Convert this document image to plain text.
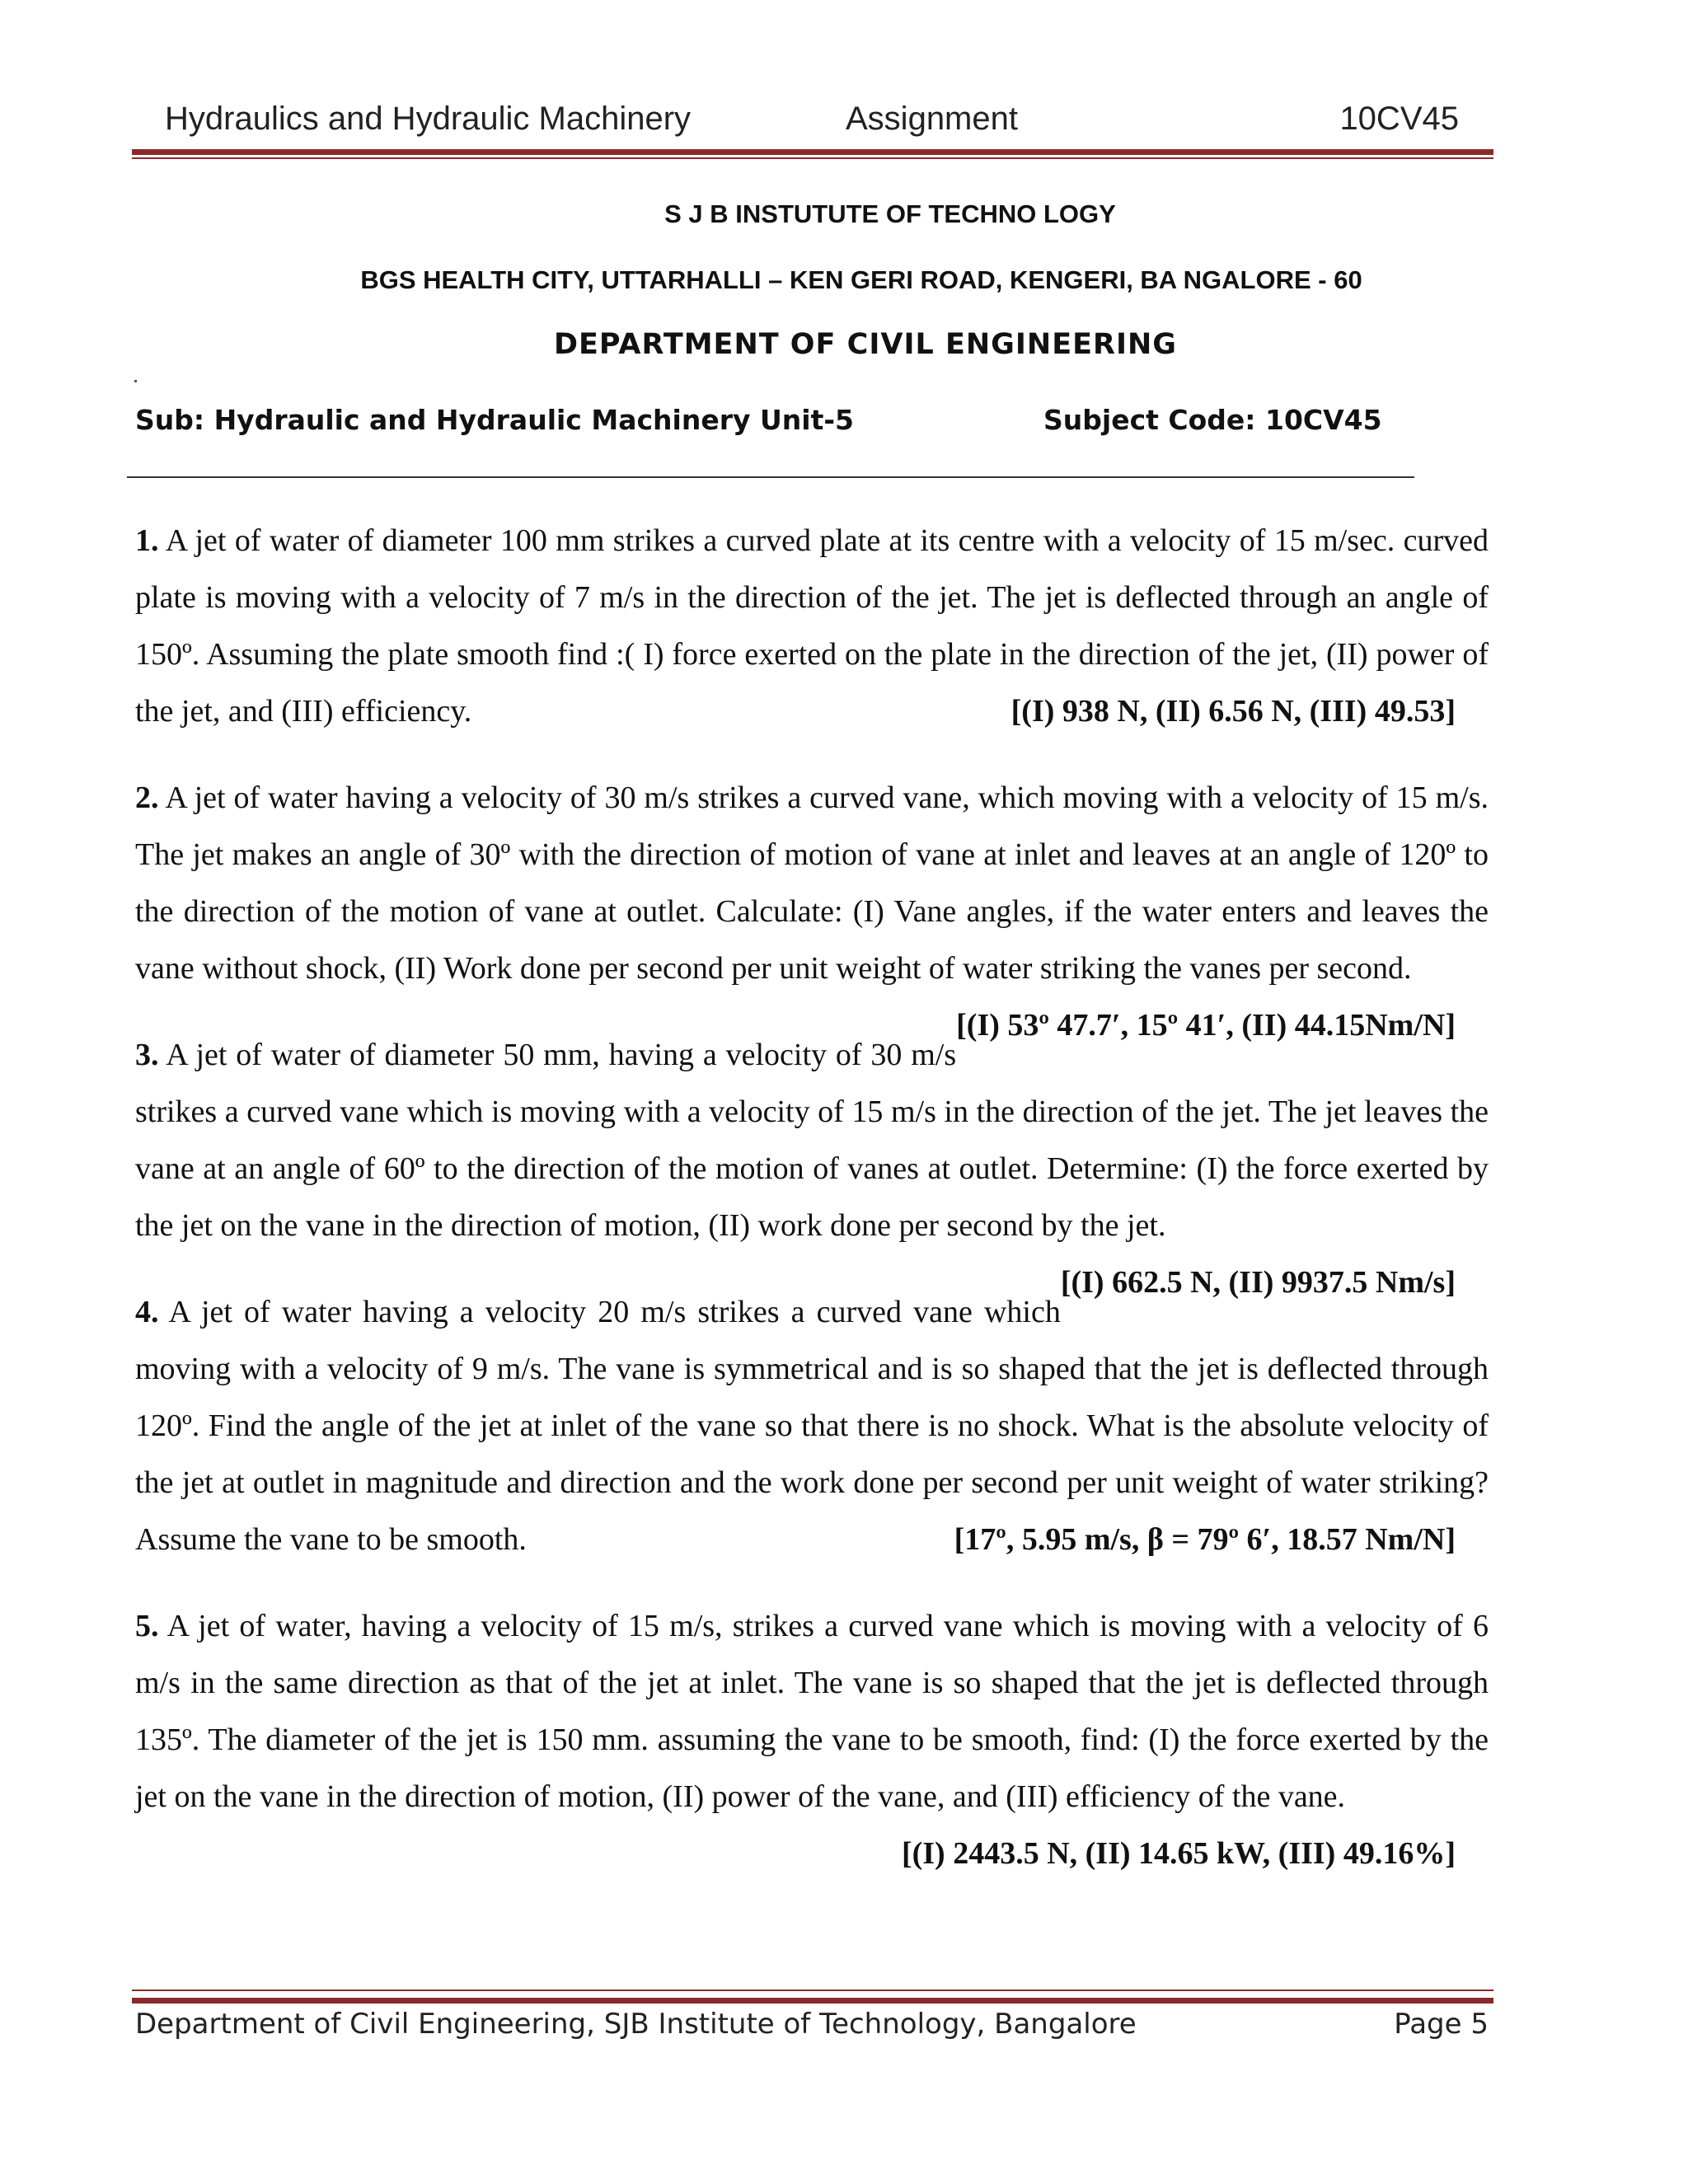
Hydraulics and Hydraulic Machinery	Assignment	10CV45
S J B INSTUTUTE OF TECHNO LOGY
BGS HEALTH CITY, UTTARHALLI – KEN GERI ROAD, KENGERI, BA NGALORE - 60
DEPARTMENT OF CIVIL ENGINEERING
Sub: Hydraulic and Hydraulic Machinery Unit-5	Subject Code: 10CV45

1. A jet of water of diameter 100 mm strikes a curved plate at its centre with a velocity of 15 m/sec. curved plate is moving with a velocity of 7 m/s in the direction of the jet. The jet is deflected through an angle of 150º. Assuming the plate smooth find :( I) force exerted on the plate in the direction of the jet, (II) power of the jet, and (III) efficiency.	[(I) 938 N, (II) 6.56 N, (III) 49.53]

2. A jet of water having a velocity of 30 m/s strikes a curved vane, which moving with a velocity of 15 m/s. The jet makes an angle of 30º with the direction of motion of vane at inlet and leaves at an angle of 120º to the direction of the motion of vane at outlet. Calculate: (I) Vane angles, if the water enters and leaves the vane without shock, (II) Work done per second per unit weight of water striking the vanes per second.
[(I) 53º 47.7′, 15º 41′, (II) 44.15Nm/N]

3. A jet of water of diameter 50 mm, having a velocity of 30 m/s strikes a curved vane which is moving with a velocity of 15 m/s in the direction of the jet. The jet leaves the vane at an angle of 60º to the direction of the motion of vanes at outlet. Determine: (I) the force exerted by the jet on the vane in the direction of motion, (II) work done per second by the jet.
[(I) 662.5 N, (II) 9937.5 Nm/s]

4. A jet of water having a velocity 20 m/s strikes a curved vane which moving with a velocity of 9 m/s. The vane is symmetrical and is so shaped that the jet is deflected through 120º. Find the angle of the jet at inlet of the vane so that there is no shock. What is the absolute velocity of the jet at outlet in magnitude and direction and the work done per second per unit weight of water striking? Assume the vane to be smooth.	[17º, 5.95 m/s, β = 79º 6′, 18.57 Nm/N]

5. A jet of water, having a velocity of 15 m/s, strikes a curved vane which is moving with a velocity of 6 m/s in the same direction as that of the jet at inlet. The vane is so shaped that the jet is deflected through 135º. The diameter of the jet is 150 mm. assuming the vane to be smooth, find: (I) the force exerted by the jet on the vane in the direction of motion, (II) power of the vane, and (III) efficiency of the vane.
[(I) 2443.5 N, (II) 14.65 kW, (III) 49.16%]

Department of Civil Engineering, SJB Institute of Technology, Bangalore	Page 5
